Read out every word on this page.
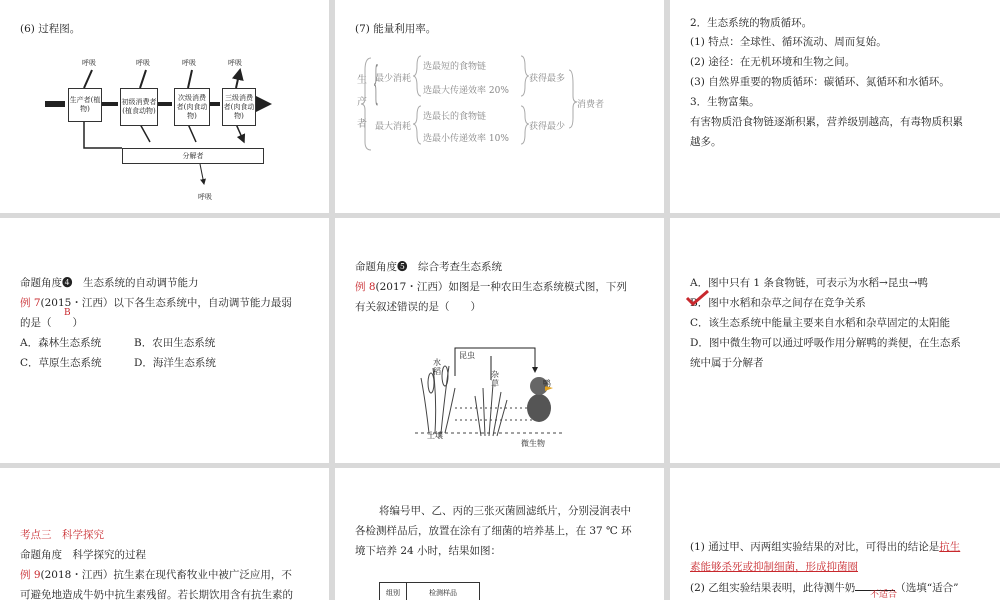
(6) 过程图。
呼吸	呼吸	呼吸	呼吸
生产者(植物)
初级消费者(植食动物)
次级消费者(肉食动物)
三级消费者(肉食动物)
分解者
呼吸
(7) 能量利用率。
生产者
{
最少消耗
最大消耗
选最短的食物链
选最大传递效率 20%
选最长的食物链
选最小传递效率 10%
获得最多
获得最少
消费者
2．生态系统的物质循环。
(1) 特点：全球性、循环流动、周而复始。
(2) 途径：在无机环境和生物之间。
(3) 自然界重要的物质循环：碳循环、氮循环和水循环。
3．生物富集。
有害物质沿食物链逐渐积累，营养级别越高，有毒物质积累
越多。
命题角度❹　生态系统的自动调节能力
例 7(2015・江西）以下各生态系统中，自动调节能力最弱
B
的是（　　）
A．森林生态系统	B．农田生态系统
C．草原生态系统	D．海洋生态系统
命题角度❺　综合考查生态系统
例 8(2017・江西）如图是一种农田生态系统模式图，下列
有关叙述错误的是（　　）
昆虫
水稻	杂草	鸭
土壤
微生物
A．图中只有 1 条食物链，可表示为水稻→昆虫→鸭
B．图中水稻和杂草之间存在竞争关系
C．该生态系统中能量主要来自水稻和杂草固定的太阳能
D．图中微生物可以通过呼吸作用分解鸭的粪便，在生态系
统中属于分解者
考点三　科学探究
命题角度　科学探究的过程
例 9(2018・江西）抗生素在现代畜牧业中被广泛应用，不
可避免地造成牛奶中抗生素残留。若长期饮用含有抗生素的
将编号甲、乙、丙的三张灭菌圆滤纸片，分别浸润表中
各检测样品后，放置在涂有了细菌的培养基上，在 37 ℃ 环
境下培养 24 小时，结果如图：
组别	检测样品
(1) 通过甲、丙两组实验结果的对比，可得出的结论是抗生
素能够杀死或抑制细菌，形成抑菌圈
(2) 乙组实验结果表明，此待测牛奶	（选填“适合”
不适合
